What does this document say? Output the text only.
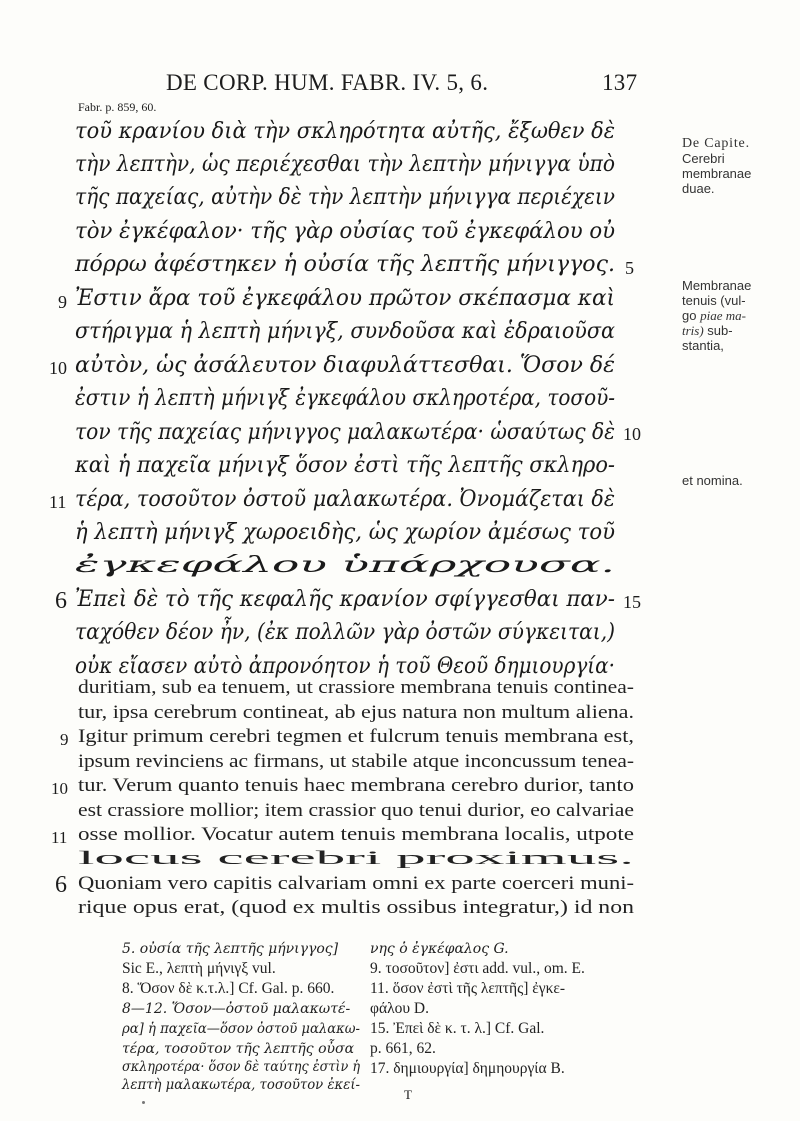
DE CORP. HUM. FABR. IV. 5, 6.	137
Fabr. p. 859, 60.
τοῦ κρανίου διὰ τὴν σκληρότητα αὐτῆς, ἔξωθεν δὲ
τὴν λεπτὴν, ὡς περιέχεσθαι τὴν λεπτὴν μήνιγγα ὑπὸ
τῆς παχείας, αὐτὴν δὲ τὴν λεπτὴν μήνιγγα περιέχειν
τὸν ἐγκέφαλον· τῆς γὰρ οὐσίας τοῦ ἐγκεφάλου οὐ
πόρρω ἀφέστηκεν ἡ οὐσία τῆς λεπτῆς μήνιγγος.
Ἐστιν ἄρα τοῦ ἐγκεφάλου πρῶτον σκέπασμα καὶ
στήριγμα ἡ λεπτὴ μήνιγξ, συνδοῦσα καὶ ἑδραιοῦσα
αὐτὸν, ὡς ἀσάλευτον διαφυλάττεσθαι. Ὅσον δέ
ἐστιν ἡ λεπτὴ μήνιγξ ἐγκεφάλου σκληροτέρα, τοσοῦ-
τον τῆς παχείας μήνιγγος μαλακωτέρα· ὡσαύτως δὲ
καὶ ἡ παχεῖα μήνιγξ ὅσον ἐστὶ τῆς λεπτῆς σκληρο-
τέρα, τοσοῦτον ὀστοῦ μαλακωτέρα. Ὀνομάζεται δὲ
ἡ λεπτὴ μήνιγξ χωροειδὴς, ὡς χωρίον ἀμέσως τοῦ
ἐγκεφάλου ὑπάρχουσα.
Ἐπεὶ δὲ τὸ τῆς κεφαλῆς κρανίον σφίγγεσθαι παν-
ταχόθεν δέον ἦν, (ἐκ πολλῶν γὰρ ὀστῶν σύγκειται,)
οὐκ εἴασεν αὐτὸ ἀπρονόητον ἡ τοῦ Θεοῦ δημιουργία·
5
9
10
10
11
6	15
De Capite.
Cerebri
membranae
duae.
Membranae
tenuis (vul-
go piae ma-
tris) sub-
stantia,
et nomina.
duritiam, sub ea tenuem, ut crassiore membrana tenuis continea-
tur, ipsa cerebrum contineat, ab ejus natura non multum aliena.
Igitur primum cerebri tegmen et fulcrum tenuis membrana est,
ipsum revinciens ac firmans, ut stabile atque inconcussum tenea-
tur. Verum quanto tenuis haec membrana cerebro durior, tanto
est crassiore mollior; item crassior quo tenui durior, eo calvariae
osse mollior. Vocatur autem tenuis membrana localis, utpote
locus cerebri proximus.
Quoniam vero capitis calvariam omni ex parte coerceri muni-
rique opus erat, (quod ex multis ossibus integratur,) id non
9
10
11
6
5. οὐσία τῆς λεπτῆς μήνιγγος]
Sic E., λεπτὴ μήνιγξ vul.
8. Ὅσον δὲ κ.τ.λ.] Cf. Gal. p. 660.
8—12. Ὅσον—ὀστοῦ μαλακωτέ-
ρα] ἡ παχεῖα—ὅσον ὀστοῦ μαλακω-
τέρα, τοσοῦτον τῆς λεπτῆς οὖσα
σκληροτέρα· ὅσον δὲ ταύτης ἐστὶν ἡ
λεπτὴ μαλακωτέρα, τοσοῦτον ἐκεί-
νης ὁ ἐγκέφαλος G.
9. τοσοῦτον] ἐστι add. vul., om. E.
11. ὅσον ἐστὶ τῆς λεπτῆς] ἐγκε-
φάλου D.
15. Ἐπεὶ δὲ κ. τ. λ.] Cf. Gal.
p. 661, 62.
17. δημιουργία] δημηουργία B.
T
